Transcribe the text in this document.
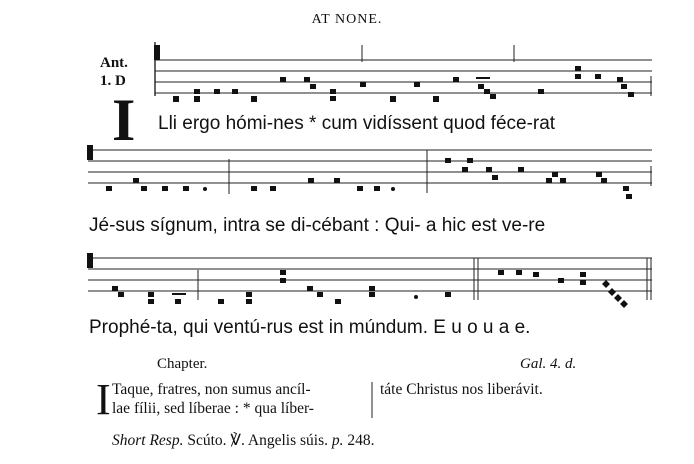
AT NONE.
Ant.
1. D
I Lli ergo hómi-nes * cum vidíssent quod féce-rat
Jé-sus sígnum, intra se di-cébant : Qui- a hic est ve-re
Prophé-ta, qui ventú-rus est in múndum. E u o u a e.
Chapter.	Gal. 4. d.
I Taque, fratres, non sumus ancíl-
lae fílii, sed líberae : * qua líber-
táte Christus nos liberávit.
Short Resp. Scúto. ℣. Angelis súis. p. 248.
